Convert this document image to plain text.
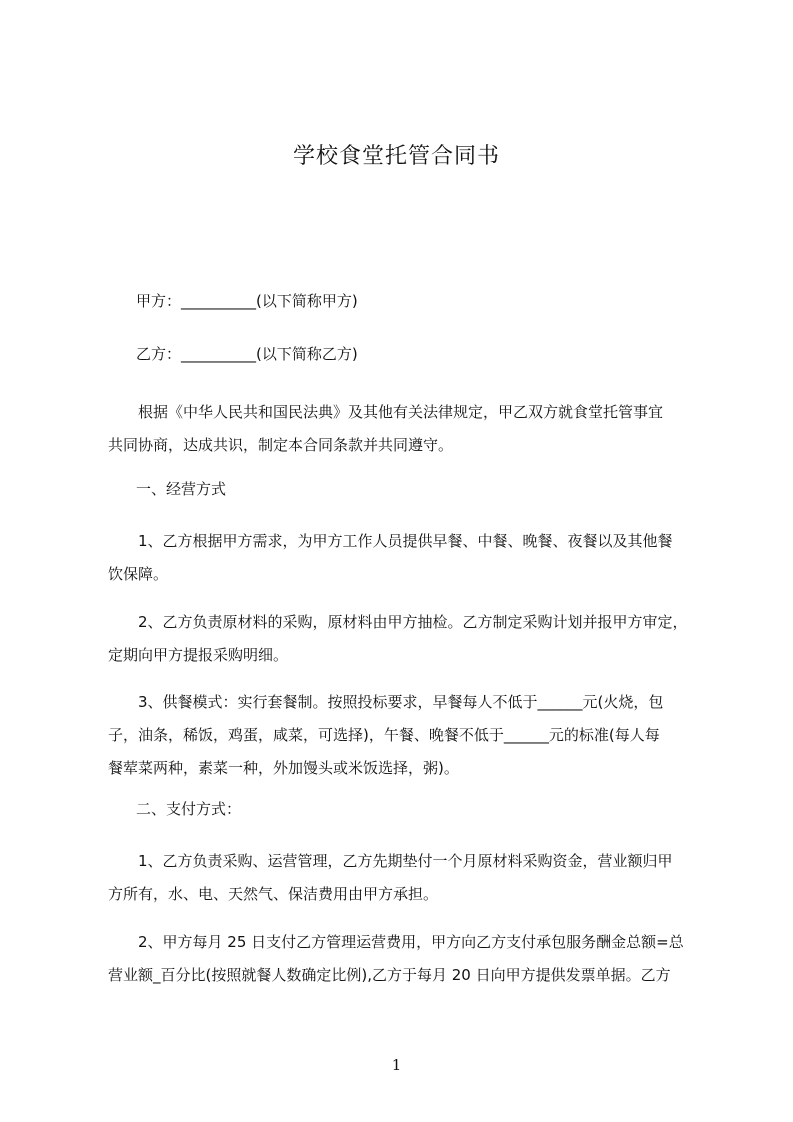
学校食堂托管合同书
甲方：__________(以下简称甲方)
乙方：__________(以下简称乙方)
根据《中华人民共和国民法典》及其他有关法律规定，甲乙双方就食堂托管事宜
共同协商，达成共识，制定本合同条款并共同遵守。
一、经营方式
1、乙方根据甲方需求，为甲方工作人员提供早餐、中餐、晚餐、夜餐以及其他餐
饮保障。
2、乙方负责原材料的采购，原材料由甲方抽检。乙方制定采购计划并报甲方审定，
定期向甲方提报采购明细。
3、供餐模式：实行套餐制。按照投标要求，早餐每人不低于______元(火烧，包
子，油条，稀饭，鸡蛋，咸菜，可选择)，午餐、晚餐不低于______元的标准(每人每
餐荤菜两种，素菜一种，外加馒头或米饭选择，粥)。
二、支付方式：
1、乙方负责采购、运营管理，乙方先期垫付一个月原材料采购资金，营业额归甲
方所有，水、电、天然气、保洁费用由甲方承担。
2、甲方每月 25 日支付乙方管理运营费用，甲方向乙方支付承包服务酬金总额=总
营业额_百分比(按照就餐人数确定比例),乙方于每月 20 日向甲方提供发票单据。乙方
1
